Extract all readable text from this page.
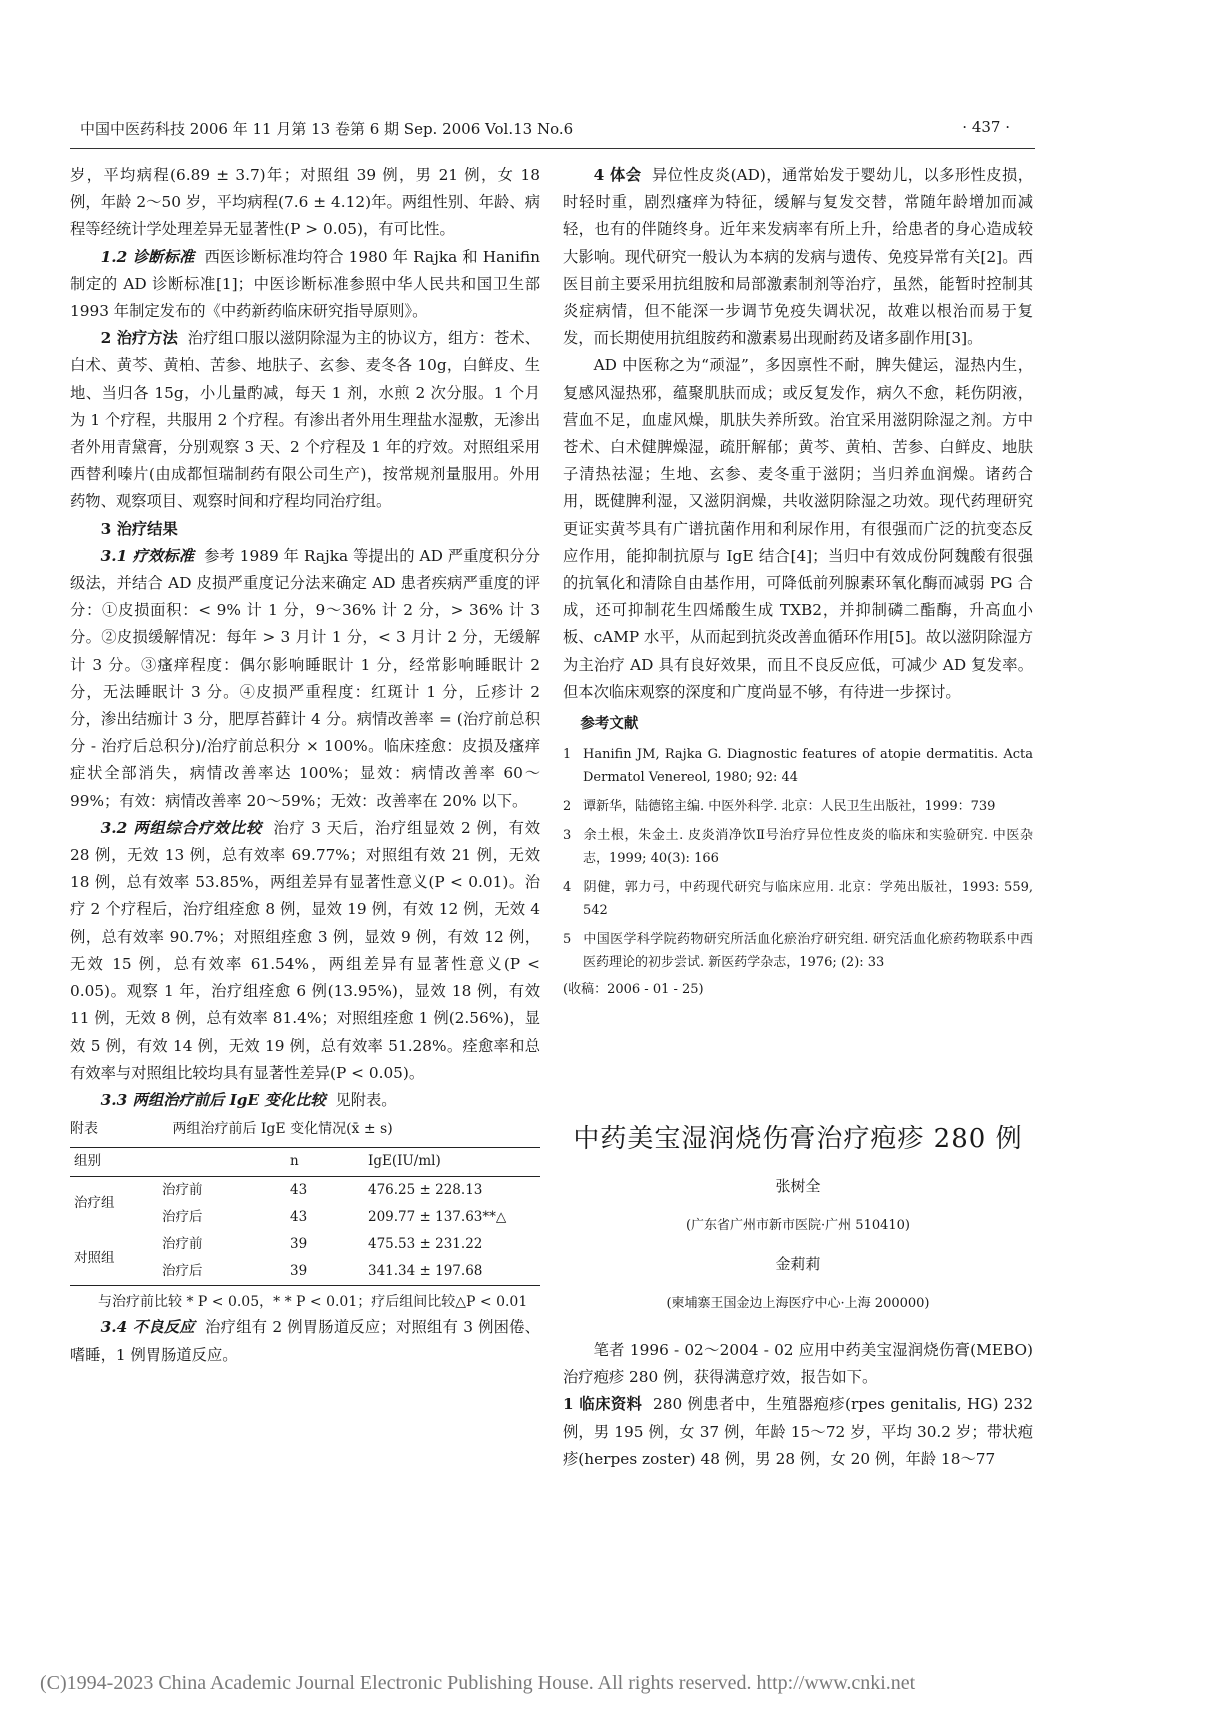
中国中医药科技 2006 年 11 月第 13 卷第 6 期 Sep. 2006 Vol.13 No.6	· 437 ·

岁，平均病程(6.89 ± 3.7)年；对照组 39 例，男 21 例，女 18 例，年龄 2～50 岁，平均病程(7.6 ± 4.12)年。两组性别、年龄、病程等经统计学处理差异无显著性(P > 0.05)，有可比性。

1.2 诊断标准 西医诊断标准均符合 1980 年 Rajka 和 Hanifin 制定的 AD 诊断标准[1]；中医诊断标准参照中华人民共和国卫生部 1993 年制定发布的《中药新药临床研究指导原则》。

2 治疗方法 治疗组口服以滋阴除湿为主的协议方，组方：苍术、白术、黄芩、黄柏、苦参、地肤子、玄参、麦冬各 10g，白鲜皮、生地、当归各 15g，小儿量酌减，每天 1 剂，水煎 2 次分服。1 个月为 1 个疗程，共服用 2 个疗程。有渗出者外用生理盐水湿敷，无渗出者外用青黛膏，分别观察 3 天、2 个疗程及 1 年的疗效。对照组采用西替利嗪片(由成都恒瑞制药有限公司生产)，按常规剂量服用。外用药物、观察项目、观察时间和疗程均同治疗组。

3 治疗结果

3.1 疗效标准 参考 1989 年 Rajka 等提出的 AD 严重度积分分级法，并结合 AD 皮损严重度记分法来确定 AD 患者疾病严重度的评分：①皮损面积：< 9% 计 1 分，9～36% 计 2 分，> 36% 计 3 分。②皮损缓解情况：每年 > 3 月计 1 分，< 3 月计 2 分，无缓解计 3 分。③瘙痒程度：偶尔影响睡眠计 1 分，经常影响睡眠计 2 分，无法睡眠计 3 分。④皮损严重程度：红斑计 1 分，丘疹计 2 分，渗出结痂计 3 分，肥厚苔藓计 4 分。病情改善率 = (治疗前总积分 - 治疗后总积分)/治疗前总积分 × 100%。临床痊愈：皮损及瘙痒症状全部消失，病情改善率达 100%；显效：病情改善率 60～99%；有效：病情改善率 20～59%；无效：改善率在 20% 以下。

3.2 两组综合疗效比较 治疗 3 天后，治疗组显效 2 例，有效 28 例，无效 13 例，总有效率 69.77%；对照组有效 21 例，无效 18 例，总有效率 53.85%，两组差异有显著性意义(P < 0.01)。治疗 2 个疗程后，治疗组痊愈 8 例，显效 19 例，有效 12 例，无效 4 例，总有效率 90.7%；对照组痊愈 3 例，显效 9 例，有效 12 例，无效 15 例，总有效率 61.54%，两组差异有显著性意义(P < 0.05)。观察 1 年，治疗组痊愈 6 例(13.95%)，显效 18 例，有效 11 例，无效 8 例，总有效率 81.4%；对照组痊愈 1 例(2.56%)，显效 5 例，有效 14 例，无效 19 例，总有效率 51.28%。痊愈率和总有效率与对照组比较均具有显著性差异(P < 0.05)。

3.3 两组治疗前后 IgE 变化比较 见附表。

附表	两组治疗前后 IgE 变化情况(x̄ ± s)
组别		n	IgE(IU/ml)
治疗组	治疗前	43	476.25 ± 228.13
	治疗后	43	209.77 ± 137.63**△
对照组	治疗前	39	475.53 ± 231.22
	治疗后	39	341.34 ± 197.68

与治疗前比较 * P < 0.05，* * P < 0.01；疗后组间比较△P < 0.01

3.4 不良反应 治疗组有 2 例胃肠道反应；对照组有 3 例困倦、嗜睡，1 例胃肠道反应。

4 体会 异位性皮炎(AD)，通常始发于婴幼儿，以多形性皮损，时轻时重，剧烈瘙痒为特征，缓解与复发交替，常随年龄增加而减轻，也有的伴随终身。近年来发病率有所上升，给患者的身心造成较大影响。现代研究一般认为本病的发病与遗传、免疫异常有关[2]。西医目前主要采用抗组胺和局部激素制剂等治疗，虽然，能暂时控制其炎症病情，但不能深一步调节免疫失调状况，故难以根治而易于复发，而长期使用抗组胺药和激素易出现耐药及诸多副作用[3]。

AD 中医称之为“顽湿”，多因禀性不耐，脾失健运，湿热内生，复感风湿热邪，蕴聚肌肤而成；或反复发作，病久不愈，耗伤阴液，营血不足，血虚风燥，肌肤失养所致。治宜采用滋阴除湿之剂。方中苍术、白术健脾燥湿，疏肝解郁；黄芩、黄柏、苦参、白鲜皮、地肤子清热祛湿；生地、玄参、麦冬重于滋阴；当归养血润燥。诸药合用，既健脾利湿，又滋阴润燥，共收滋阴除湿之功效。现代药理研究更证实黄芩具有广谱抗菌作用和利尿作用，有很强而广泛的抗变态反应作用，能抑制抗原与 IgE 结合[4]；当归中有效成份阿魏酸有很强的抗氧化和清除自由基作用，可降低前列腺素环氧化酶而减弱 PG 合成，还可抑制花生四烯酸生成 TXB2，并抑制磷二酯酶，升高血小板、cAMP 水平，从而起到抗炎改善血循环作用[5]。故以滋阴除湿方为主治疗 AD 具有良好效果，而且不良反应低，可减少 AD 复发率。但本次临床观察的深度和广度尚显不够，有待进一步探讨。

参考文献

1 Hanifin JM, Rajka G. Diagnostic features of atopie dermatitis. Acta Dermatol Venereol, 1980; 92: 44

2 谭新华，陆德铭主编. 中医外科学. 北京：人民卫生出版社，1999：739

3 余土根，朱金土. 皮炎消净饮Ⅱ号治疗异位性皮炎的临床和实验研究. 中医杂志，1999; 40(3): 166

4 阴健，郭力弓，中药现代研究与临床应用. 北京：学苑出版社，1993: 559, 542

5 中国医学科学院药物研究所活血化瘀治疗研究组. 研究活血化瘀药物联系中西医药理论的初步尝试. 新医药学杂志，1976; (2): 33

(收稿：2006 - 01 - 25)

中药美宝湿润烧伤膏治疗疱疹 280 例

张树全

(广东省广州市新市医院·广州 510410)

金莉莉

(柬埔寨王国金边上海医疗中心·上海 200000)

笔者 1996 - 02～2004 - 02 应用中药美宝湿润烧伤膏(MEBO)治疗疱疹 280 例，获得满意疗效，报告如下。

1 临床资料 280 例患者中，生殖器疱疹(rpes genitalis, HG) 232 例，男 195 例，女 37 例，年龄 15～72 岁，平均 30.2 岁；带状疱疹(herpes zoster) 48 例，男 28 例，女 20 例，年龄 18～77

(C)1994-2023 China Academic Journal Electronic Publishing House. All rights reserved. http://www.cnki.net
